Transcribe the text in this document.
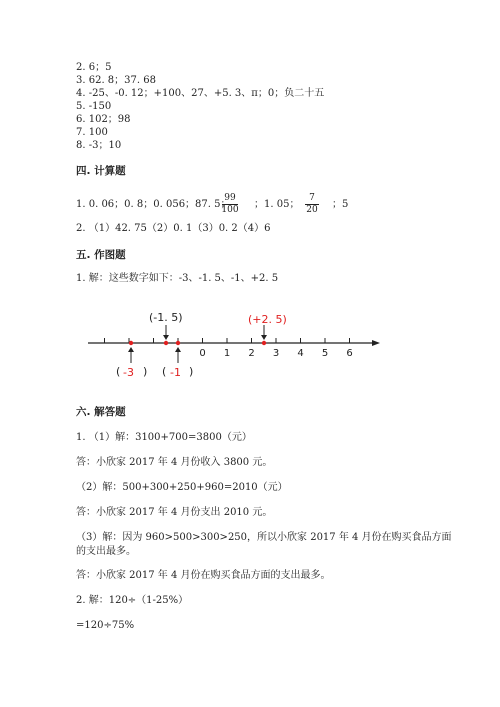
2. 6；5
3. 62. 8；37. 68
4. -25、-0. 12；+100、27、+5. 3、π；0；负二十五
5. -150
6. 102；98
7. 100
8. -3；10
四. 计算题
1. 0. 06；0. 8；0. 056；87. 5；
99
100 ；1. 05；
7
20 ；5
2. （1）42. 75（2）0. 1（3）0. 2（4）6
五. 作图题
1. 解：这些数字如下：-3、-1. 5、-1、+2. 5
0 1 2 3 4 5 6
(-1. 5)	(+2. 5)
( -3 ) ( -1 )
六. 解答题
1. （1）解：3100+700=3800（元）
答：小欣家 2017 年 4 月份收入 3800 元。
（2）解：500+300+250+960=2010（元）
答：小欣家 2017 年 4 月份支出 2010 元。
（3）解：因为 960>500>300>250，所以小欣家 2017 年 4 月份在购买食品方面
的支出最多。
答：小欣家 2017 年 4 月份在购买食品方面的支出最多。
2. 解：120÷（1-25%）
=120÷75%
